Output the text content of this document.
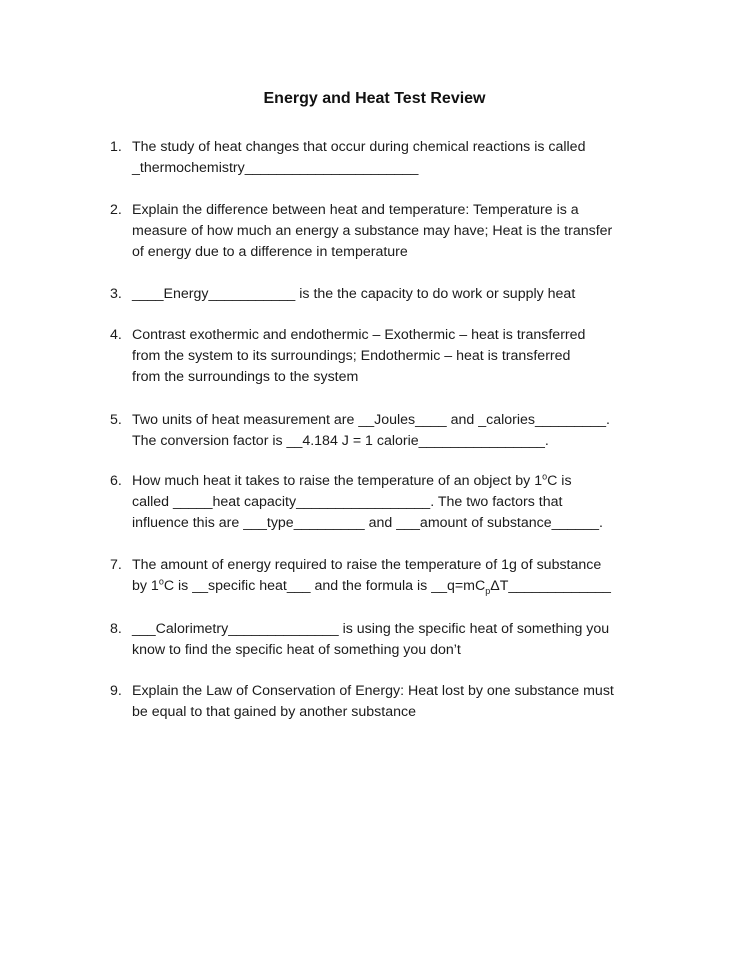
Energy and Heat Test Review
1. The study of heat changes that occur during chemical reactions is called
_thermochemistry______________________
2. Explain the difference between heat and temperature: Temperature is a
measure of how much an energy a substance may have; Heat is the transfer
of energy due to a difference in temperature
3. ____Energy___________ is the the capacity to do work or supply heat
4. Contrast exothermic and endothermic – Exothermic – heat is transferred
from the system to its surroundings; Endothermic – heat is transferred
from the surroundings to the system
5. Two units of heat measurement are __Joules____ and _calories_________.
The conversion factor is __4.184 J = 1 calorie________________.
6. How much heat it takes to raise the temperature of an object by 1$^o$C is
called _____heat capacity_________________. The two factors that
influence this are ___type_________ and ___amount of substance______.
7. The amount of energy required to raise the temperature of 1g of substance
by 1$^o$C is __specific heat___ and the formula is $\_\_q=mC_p\Delta T\_\_\_\_\_\_\_\_\_\_\_\_\_$
8. ___Calorimetry______________ is using the specific heat of something you
know to find the specific heat of something you don’t
9. Explain the Law of Conservation of Energy: Heat lost by one substance must
be equal to that gained by another substance
